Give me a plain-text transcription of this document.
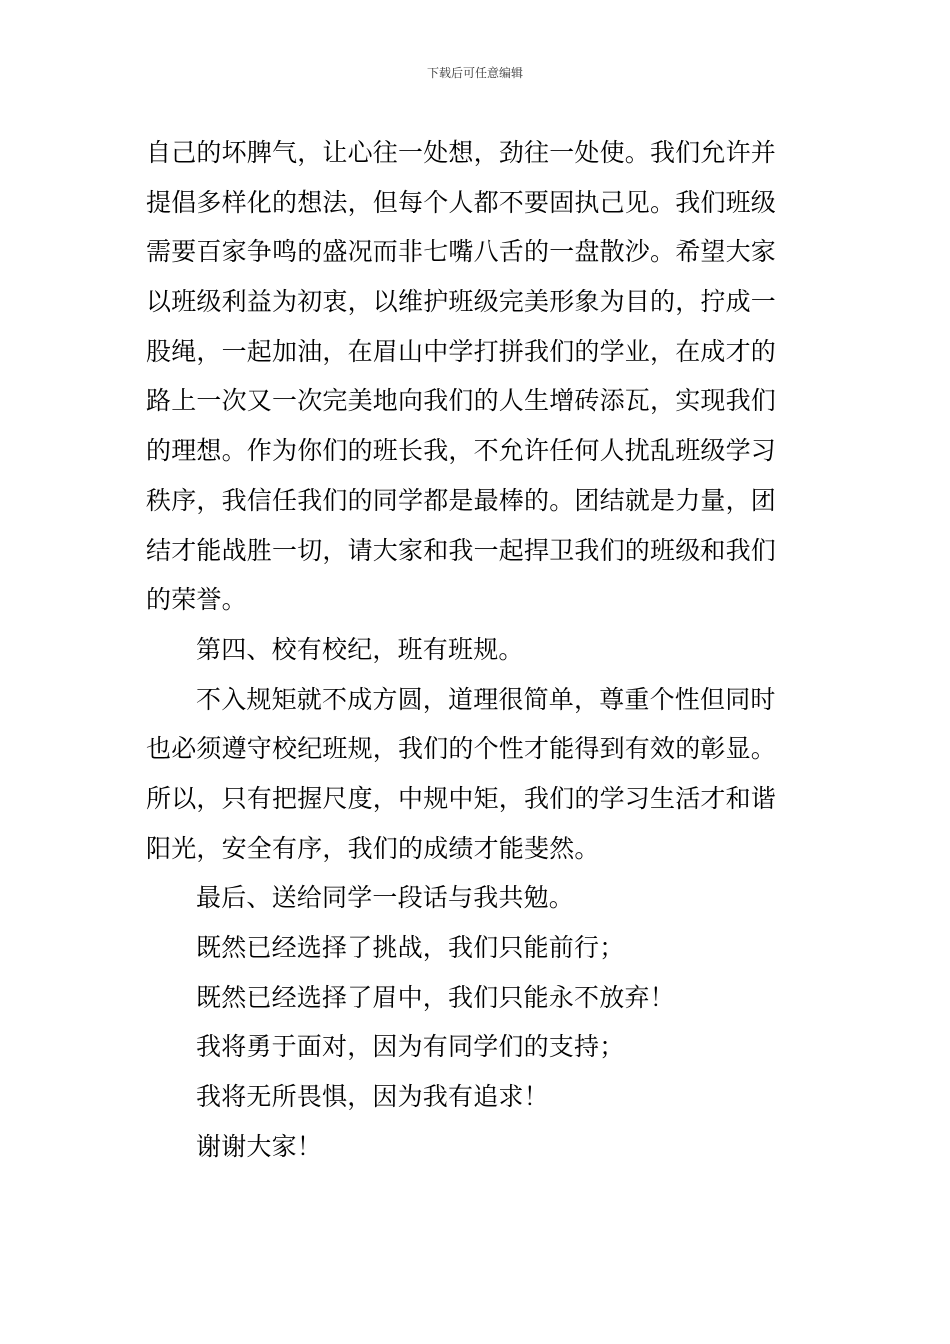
下载后可任意编辑
自己的坏脾气，让心往一处想，劲往一处使。我们允许并
提倡多样化的想法，但每个人都不要固执己见。我们班级
需要百家争鸣的盛况而非七嘴八舌的一盘散沙。希望大家
以班级利益为初衷，以维护班级完美形象为目的，拧成一
股绳，一起加油，在眉山中学打拼我们的学业，在成才的
路上一次又一次完美地向我们的人生增砖添瓦，实现我们
的理想。作为你们的班长我，不允许任何人扰乱班级学习
秩序，我信任我们的同学都是最棒的。团结就是力量，团
结才能战胜一切，请大家和我一起捍卫我们的班级和我们
的荣誉。
第四、校有校纪，班有班规。
不入规矩就不成方圆，道理很简单，尊重个性但同时
也必须遵守校纪班规，我们的个性才能得到有效的彰显。
所以，只有把握尺度，中规中矩，我们的学习生活才和谐
阳光，安全有序，我们的成绩才能斐然。
最后、送给同学一段话与我共勉。
既然已经选择了挑战，我们只能前行；
既然已经选择了眉中，我们只能永不放弃！
我将勇于面对，因为有同学们的支持；
我将无所畏惧，因为我有追求！
谢谢大家！
